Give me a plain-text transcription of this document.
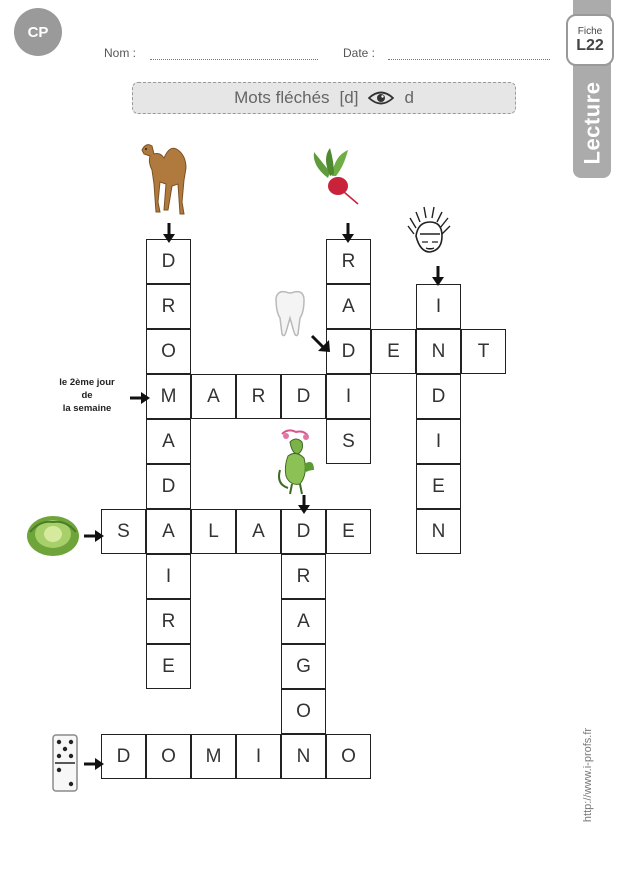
CP
Nom :	Date :
Mots fléchés [d]	d
Fiche
L22
Lecture
le 2ème jour
de
la semaine
D
R
O
M
A
D
A
I
R
E
R
A
D
I
S
I
N
D
I
E
N
E	T
A	R	D
S	L	A	D	E
R
A
G
O
N
D	O	M	I	O	http://www.i-profs.fr
